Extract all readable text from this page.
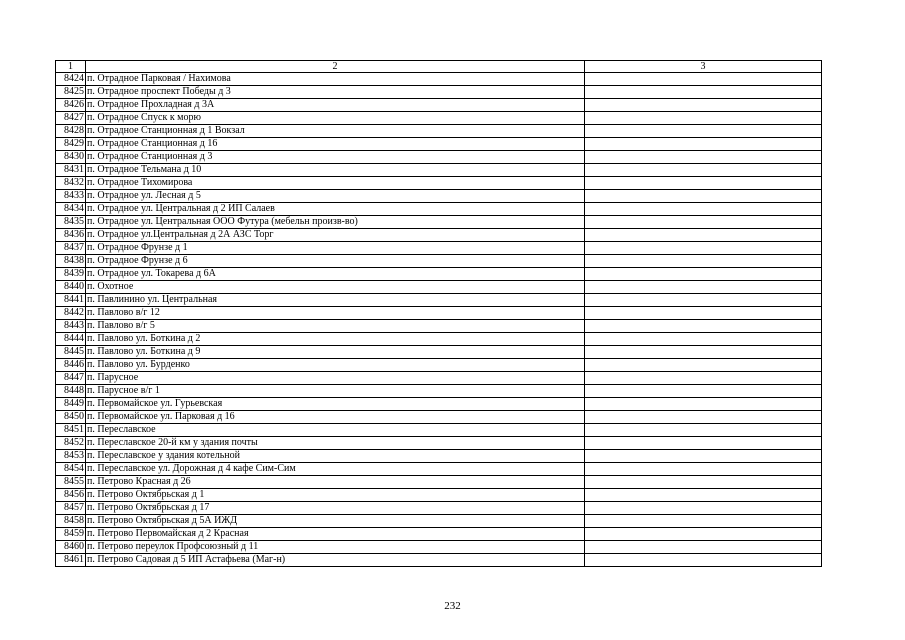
1	2	3
8424	п. Отрадное Парковая / Нахимова	
8425	п. Отрадное проспект Победы д 3	
8426	п. Отрадное Прохладная д 3А	
8427	п. Отрадное Спуск к морю	
8428	п. Отрадное Станционная д 1 Вокзал	
8429	п. Отрадное Станционная д 16	
8430	п. Отрадное Станционная д 3	
8431	п. Отрадное Тельмана д 10	
8432	п. Отрадное Тихомирова	
8433	п. Отрадное ул. Лесная д 5	
8434	п. Отрадное ул. Центральная д 2 ИП Салаев	
8435	п. Отрадное ул. Центральная ООО Футура (мебельн произв-во)	
8436	п. Отрадное ул.Центральная д 2А АЗС Торг	
8437	п. Отрадное Фрунзе д 1	
8438	п. Отрадное Фрунзе д 6	
8439	п. Отрадное ул. Токарева д 6А	
8440	п. Охотное	
8441	п. Павлинино ул. Центральная	
8442	п. Павлово в/г 12	
8443	п. Павлово в/г 5	
8444	п. Павлово ул. Боткина д 2	
8445	п. Павлово ул. Боткина д 9	
8446	п. Павлово ул. Бурденко	
8447	п. Парусное	
8448	п. Парусное в/г 1	
8449	п. Первомайское ул. Гурьевская	
8450	п. Первомайское ул. Парковая д 16	
8451	п. Переславское	
8452	п. Переславское 20-й км у здания почты	
8453	п. Переславское у здания котельной	
8454	п. Переславское ул. Дорожная д 4 кафе Сим-Сим	
8455	п. Петрово Красная д 26	
8456	п. Петрово Октябрьская д 1	
8457	п. Петрово Октябрьская д 17	
8458	п. Петрово Октябрьская д 5А ИЖД	
8459	п. Петрово Первомайская д 2 Красная	
8460	п. Петрово переулок Профсоюзный д 11	
8461	п. Петрово Садовая д 5 ИП Астафьева (Маг-н)	
232
